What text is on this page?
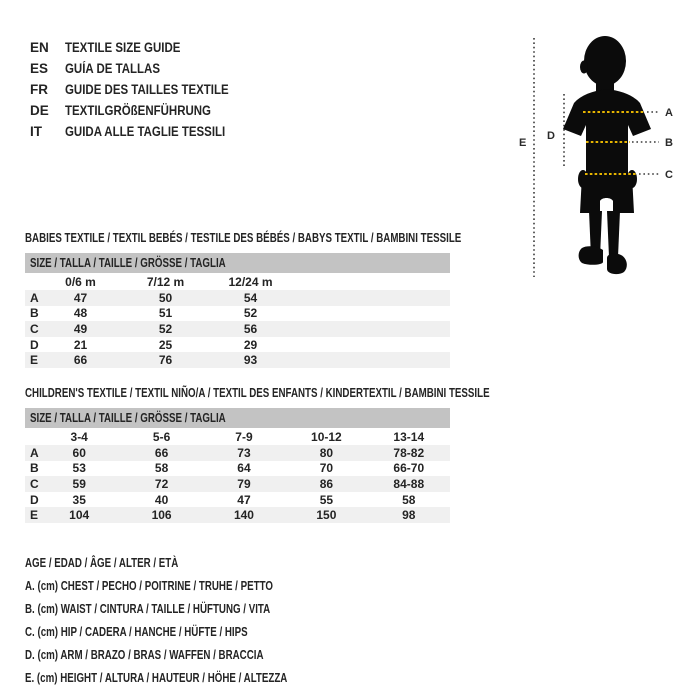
EN	TEXTILE SIZE GUIDE
ES	GUÍA DE TALLAS
FR	GUIDE DES TAILLES TEXTILE
DE	TEXTILGRÖßENFÜHRUNG
IT	GUIDA ALLE TAGLIE TESSILI
E
D
A
B
C
BABIES TEXTILE / TEXTIL BEBÉS / TESTILE DES BÉBÉS / BABYS TEXTIL / BAMBINI TESSILE
SIZE / TALLA / TAILLE / GRÖSSE / TAGLIA
	0/6 m	7/12 m	12/24 m	
A	47	50	54	
B	48	51	52	
C	49	52	56	
D	21	25	29	
E	66	76	93	
CHILDREN'S TEXTILE / TEXTIL NIÑO/A / TEXTIL DES ENFANTS / KINDERTEXTIL / BAMBINI TESSILE
SIZE / TALLA / TAILLE / GRÖSSE / TAGLIA
	3-4	5-6	7-9	10-12	13-14
A	60	66	73	80	78-82
B	53	58	64	70	66-70
C	59	72	79	86	84-88
D	35	40	47	55	58
E	104	106	140	150	98
AGE / EDAD / ÂGE / ALTER / ETÀ
A. (cm) CHEST / PECHO / POITRINE / TRUHE / PETTO
B. (cm) WAIST / CINTURA / TAILLE / HÜFTUNG / VITA
C. (cm) HIP / CADERA / HANCHE / HÜFTE / HIPS
D. (cm) ARM / BRAZO / BRAS / WAFFEN / BRACCIA
E. (cm) HEIGHT / ALTURA / HAUTEUR / HÖHE / ALTEZZA
